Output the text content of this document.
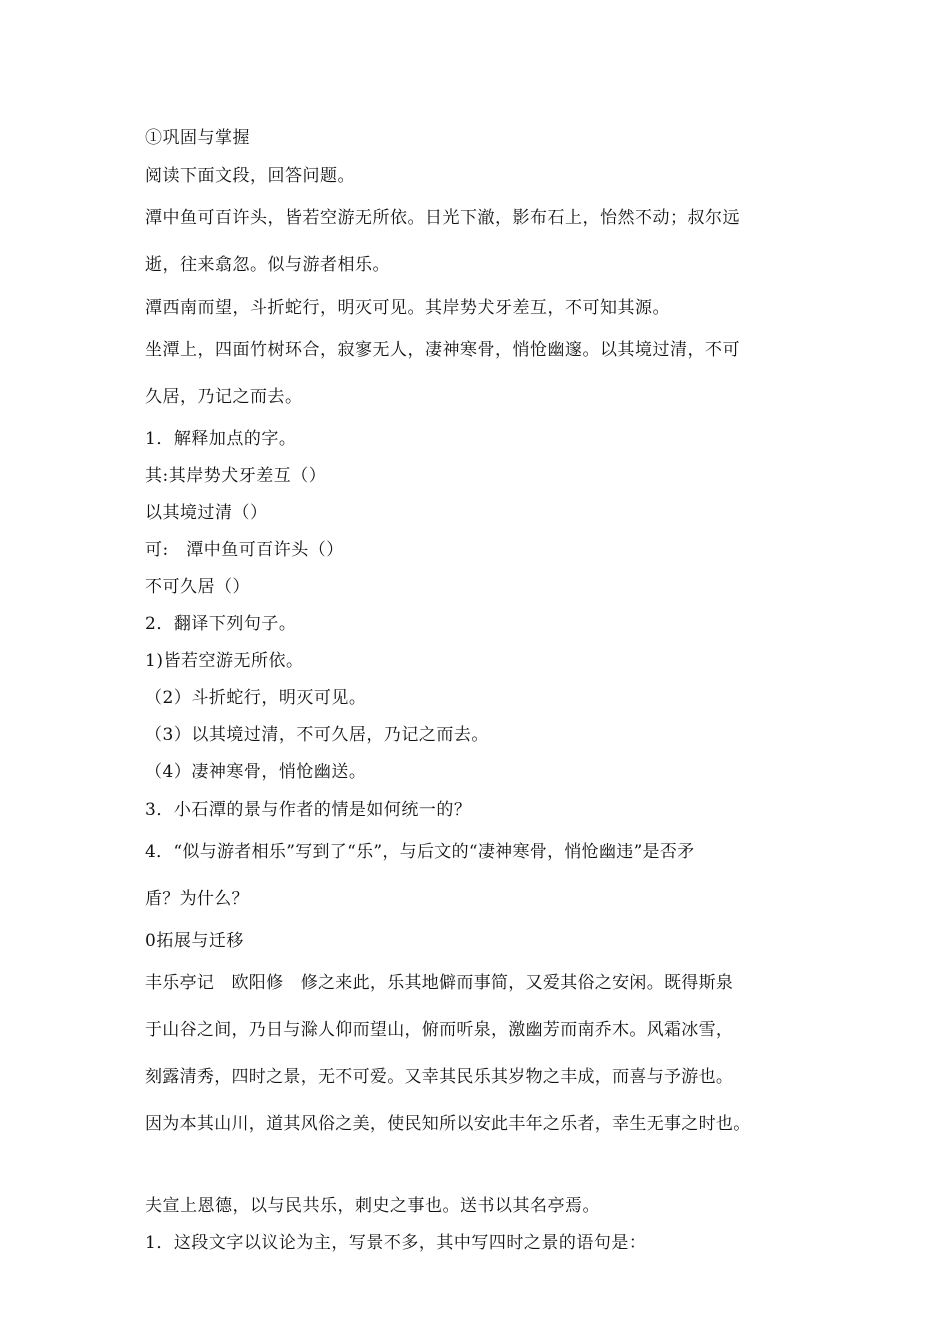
①巩固与掌握
阅读下面文段，回答问题。
潭中鱼可百许头，皆若空游无所依。日光下澈，影布石上，怡然不动；叔尔远
逝，往来翕忽。似与游者相乐。
潭西南而望，斗折蛇行，明灭可见。其岸势犬牙差互，不可知其源。
坐潭上，四面竹树环合，寂寥无人，凄神寒骨，悄怆幽邃。以其境过清，不可
久居，乃记之而去。
1．解释加点的字。
其:其岸势犬牙差互（）
以其境过清（）
可:　潭中鱼可百许头（）
不可久居（）
2．翻译下列句子。
1)皆若空游无所依。
（2）斗折蛇行，明灭可见。
（3）以其境过清，不可久居，乃记之而去。
（4）凄神寒骨，悄怆幽送。
3．小石潭的景与作者的情是如何统一的？
4．“似与游者相乐”写到了“乐”，与后文的“凄神寒骨，悄怆幽违”是否矛
盾？为什么？
0拓展与迁移
丰乐亭记　欧阳修　修之来此，乐其地僻而事简，又爱其俗之安闲。既得斯泉
于山谷之间，乃日与滁人仰而望山，俯而听泉，激幽芳而南乔木。风霜冰雪，
刻露清秀，四时之景，无不可爱。又幸其民乐其岁物之丰成，而喜与予游也。
因为本其山川，道其风俗之美，使民知所以安此丰年之乐者，幸生无事之时也。
夫宣上恩德，以与民共乐，刺史之事也。送书以其名亭焉。
1．这段文字以议论为主，写景不多，其中写四时之景的语句是：
